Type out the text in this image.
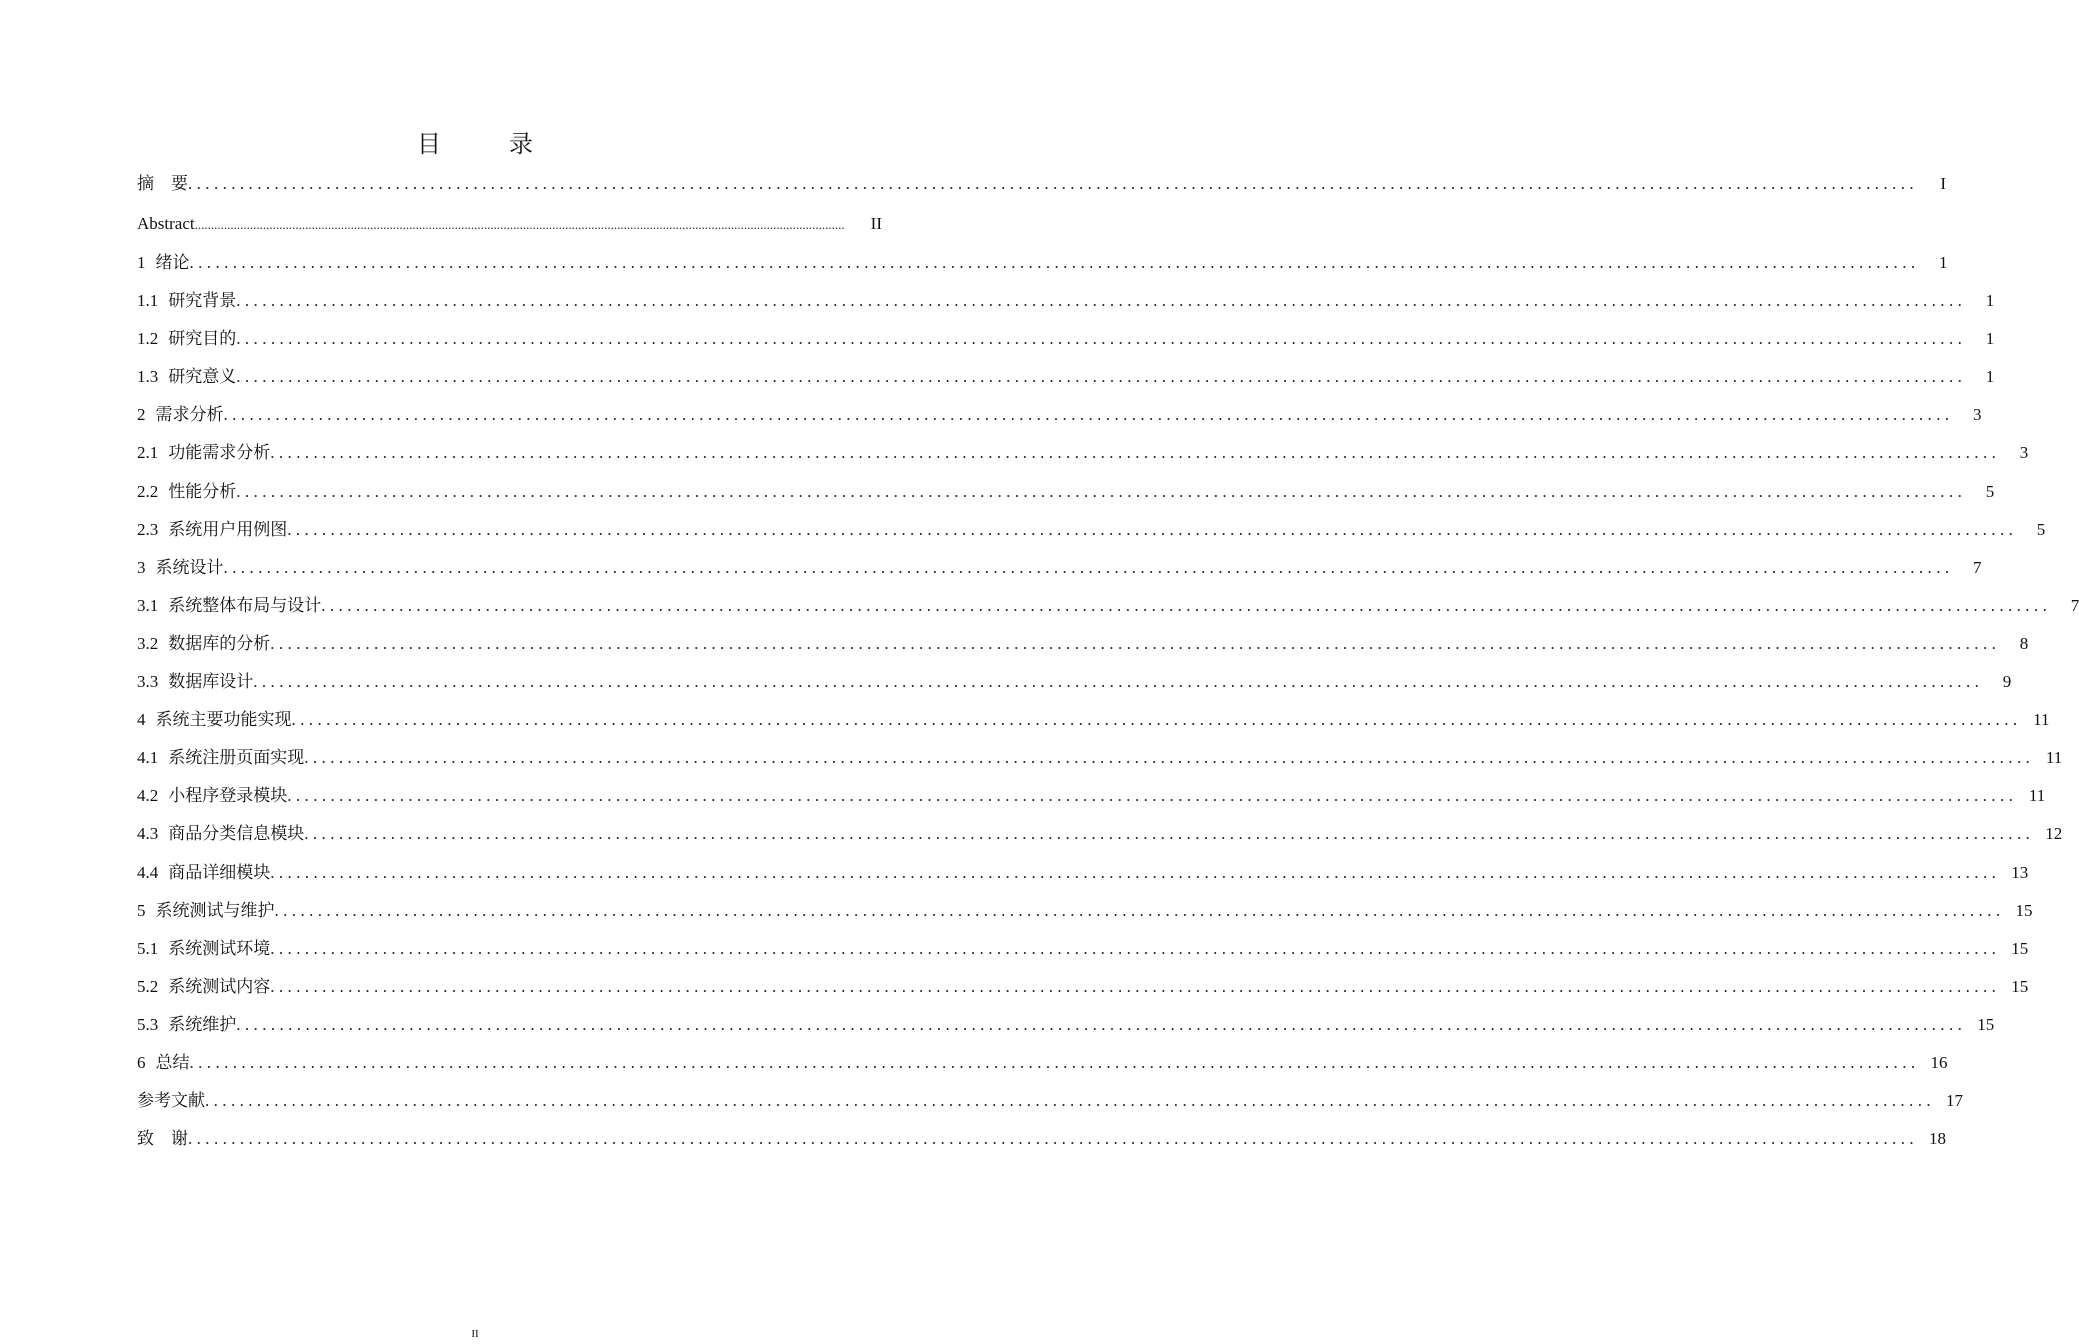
目　录
摘　要 ........................................................................................................................................................................................................	I
Abstract ........................................................................................................................................................................................................	II
1 绪论 ........................................................................................................................................................................................................	1
1.1 研究背景 ........................................................................................................................................................................................................	1
1.2 研究目的 ........................................................................................................................................................................................................	1
1.3 研究意义 ........................................................................................................................................................................................................	1
2 需求分析 ........................................................................................................................................................................................................	3
2.1 功能需求分析 ........................................................................................................................................................................................................	3
2.2 性能分析 ........................................................................................................................................................................................................	5
2.3 系统用户用例图 ........................................................................................................................................................................................................	5
3 系统设计 ........................................................................................................................................................................................................	7
3.1 系统整体布局与设计 ........................................................................................................................................................................................................	7
3.2 数据库的分析 ........................................................................................................................................................................................................	8
3.3 数据库设计 ........................................................................................................................................................................................................	9
4 系统主要功能实现 ........................................................................................................................................................................................................ 11
4.1 系统注册页面实现 ........................................................................................................................................................................................................ 11
4.2 小程序登录模块 ........................................................................................................................................................................................................ 11
4.3 商品分类信息模块 ........................................................................................................................................................................................................ 12
4.4 商品详细模块 ........................................................................................................................................................................................................ 13
5 系统测试与维护 ........................................................................................................................................................................................................ 15
5.1 系统测试环境 ........................................................................................................................................................................................................ 15
5.2 系统测试内容 ........................................................................................................................................................................................................ 15
5.3 系统维护 ........................................................................................................................................................................................................ 15
6 总结 ........................................................................................................................................................................................................ 16
参考文献 ........................................................................................................................................................................................................ 17
致　谢 ........................................................................................................................................................................................................ 18
II
